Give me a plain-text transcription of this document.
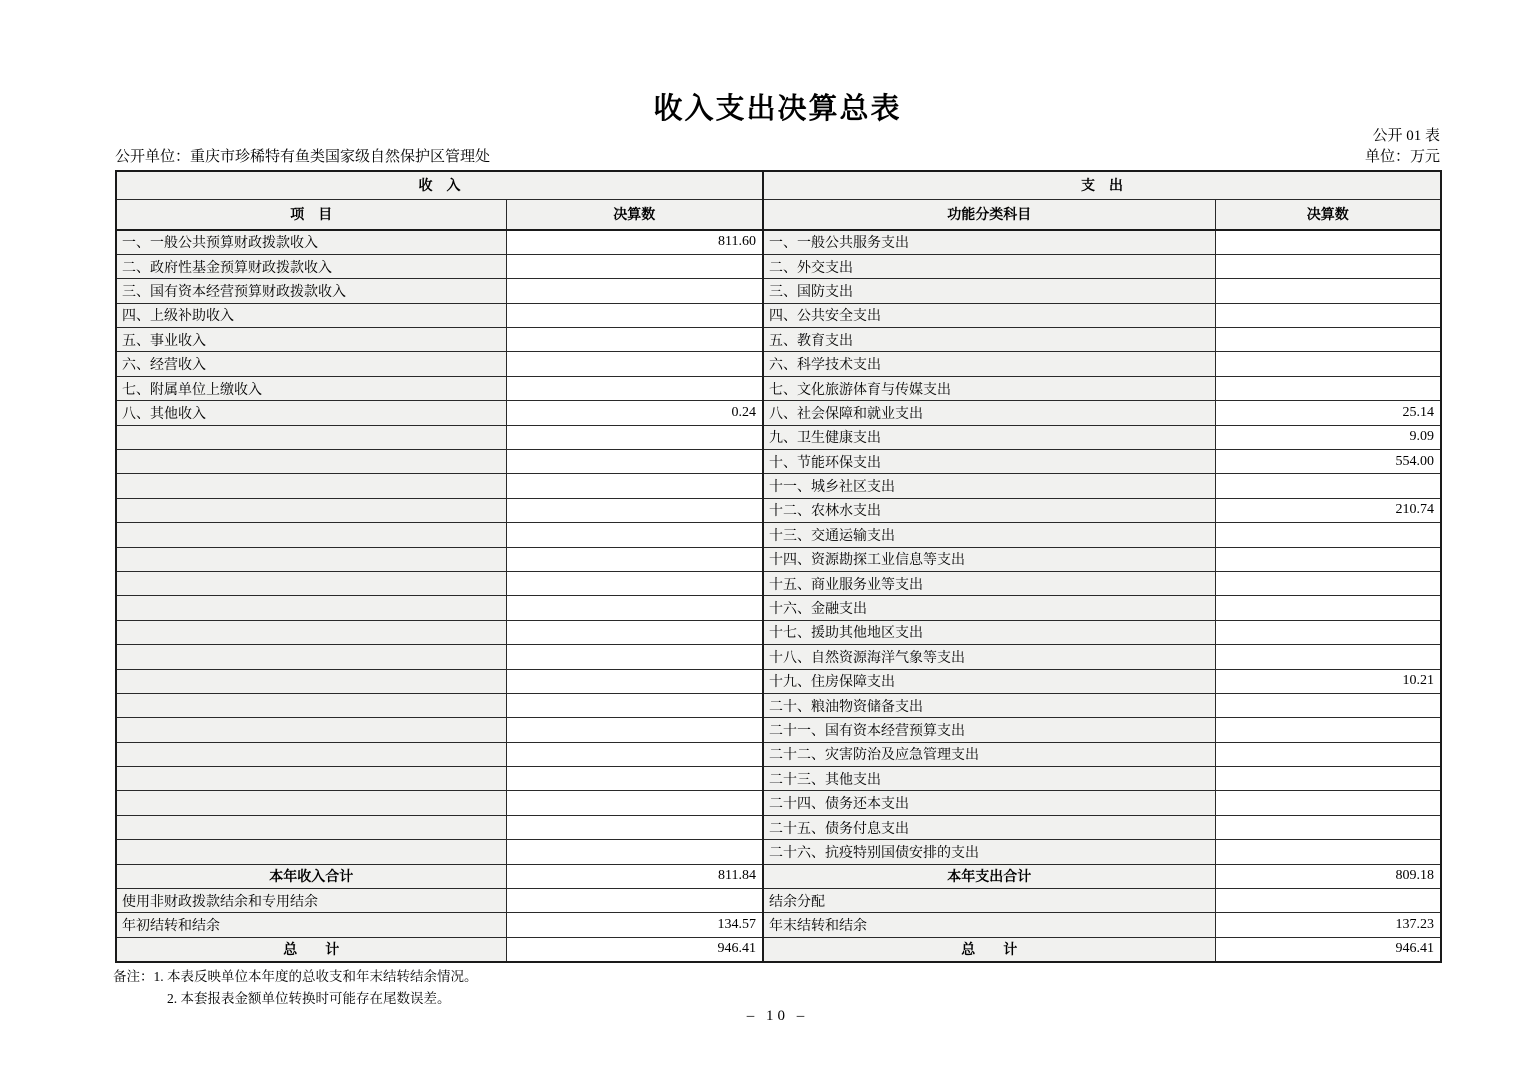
收入支出决算总表
公开 01 表
单位：万元
公开单位：重庆市珍稀特有鱼类国家级自然保护区管理处
收　入		支　出	
项　目	决算数	功能分类科目	决算数
一、一般公共预算财政拨款收入	811.60	一、一般公共服务支出	
二、政府性基金预算财政拨款收入		二、外交支出	
三、国有资本经营预算财政拨款收入		三、国防支出	
四、上级补助收入		四、公共安全支出	
五、事业收入		五、教育支出	
六、经营收入		六、科学技术支出	
七、附属单位上缴收入		七、文化旅游体育与传媒支出	
八、其他收入	0.24	八、社会保障和就业支出	25.14
		九、卫生健康支出	9.09
		十、节能环保支出	554.00
		十一、城乡社区支出	
		十二、农林水支出	210.74
		十三、交通运输支出	
		十四、资源勘探工业信息等支出	
		十五、商业服务业等支出	
		十六、金融支出	
		十七、援助其他地区支出	
		十八、自然资源海洋气象等支出	
		十九、住房保障支出	10.21
		二十、粮油物资储备支出	
		二十一、国有资本经营预算支出	
		二十二、灾害防治及应急管理支出	
		二十三、其他支出	
		二十四、债务还本支出	
		二十五、债务付息支出	
		二十六、抗疫特别国债安排的支出	
本年收入合计	811.84	本年支出合计	809.18
使用非财政拨款结余和专用结余		结余分配	
年初结转和结余	134.57	年末结转和结余	137.23
总　　计	946.41	总　　计	946.41
备注：1. 本表反映单位本年度的总收支和年末结转结余情况。
2. 本套报表金额单位转换时可能存在尾数误差。
– 10 –
